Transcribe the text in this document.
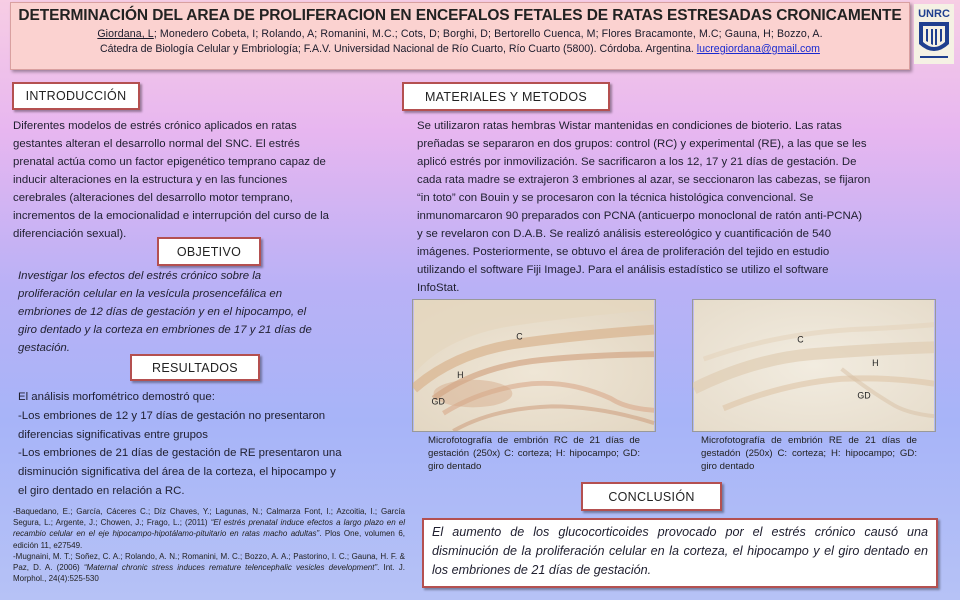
DETERMINACIÓN DEL AREA DE PROLIFERACION EN ENCEFALOS FETALES DE RATAS ESTRESADAS CRONICAMENTE
Giordana, L; Monedero Cobeta, I; Rolando, A; Romanini, M.C.; Cots, D; Borghi, D; Bertorello Cuenca, M; Flores Bracamonte, M.C; Gauna, H; Bozzo, A.
Cátedra de Biología Celular y Embriología; F.A.V. Universidad Nacional de Río Cuarto, Río Cuarto (5800). Córdoba. Argentina. lucregiordana@gmail.com
UNRC
INTRODUCCIÓN
Diferentes modelos de estrés crónico aplicados en ratas
gestantes alteran el desarrollo normal del SNC. El estrés
prenatal actúa como un factor epigenético temprano capaz de
inducir alteraciones en la estructura y en las funciones
cerebrales (alteraciones del desarrollo motor temprano,
incrementos de la emocionalidad e interrupción del curso de la
diferenciación sexual).
OBJETIVO
Investigar los efectos del estrés crónico sobre la
proliferación celular en la vesícula prosencefálica en
embriones de 12 días de gestación y en el hipocampo, el
giro dentado y la corteza en embriones de 17 y 21 días de
gestación.
RESULTADOS
El análisis morfométrico demostró que:
-Los embriones de 12 y 17 días de gestación no presentaron
diferencias significativas entre grupos
-Los embriones de 21 días de gestación de RE presentaron una
disminución significativa del área de la corteza, el hipocampo y
el giro dentado en relación a RC.
-Baquedano, E.; García, Cáceres C.; Díz Chaves, Y.; Lagunas, N.; Calmarza Font, I.; Azcoitia, I.; García Segura, L.; Argente, J.; Chowen, J.; Frago, L.; (2011) “El estrés prenatal induce efectos a largo plazo en el recambio celular en el eje hipocampo-hipotálamo-pituitario en ratas macho adultas”. Plos One, volumen 6, edición 11, e27549.
-Mugnaini, M. T.; Soñez, C. A.; Rolando, A. N.; Romanini, M. C.; Bozzo, A. A.; Pastorino, I. C.; Gauna, H. F. & Paz, D. A. (2006) “Maternal chronic stress induces remature telencephalic vesicles development”. Int. J. Morphol., 24(4):525-530
MATERIALES Y METODOS
Se utilizaron ratas hembras Wistar mantenidas en condiciones de bioterio. Las ratas
preñadas se separaron en dos grupos: control (RC) y experimental (RE), a las que se les
aplicó estrés por inmovilización. Se sacrificaron a los 12, 17 y 21 días de gestación. De
cada rata madre se extrajeron 3 embriones al azar, se seccionaron las cabezas, se fijaron
“in toto” con Bouin y se procesaron con la técnica histológica convencional. Se
inmunomarcaron 90 preparados con PCNA (anticuerpo monoclonal de ratón anti-PCNA)
y se revelaron con D.A.B. Se realizó análisis estereológico y cuantificación de 540
imágenes. Posteriormente, se obtuvo el área de proliferación del tejido en estudio
utilizando el software Fiji ImageJ. Para el análisis estadístico se utilizo el software
InfoStat.
C
H
GD
Microfotografía de embrión RC de 21 días de gestación (250x) C: corteza; H: hipocampo; GD: giro dentado
C
H
GD
Microfotografía de embrión RE de 21 días de gestadón (250x) C: corteza; H: hipocampo; GD: giro dentado
CONCLUSIÓN
El aumento de los glucocorticoides provocado por el estrés crónico causó una disminución de la proliferación celular en la corteza, el hipocampo y el giro dentado en los embriones de 21 días de gestación.
